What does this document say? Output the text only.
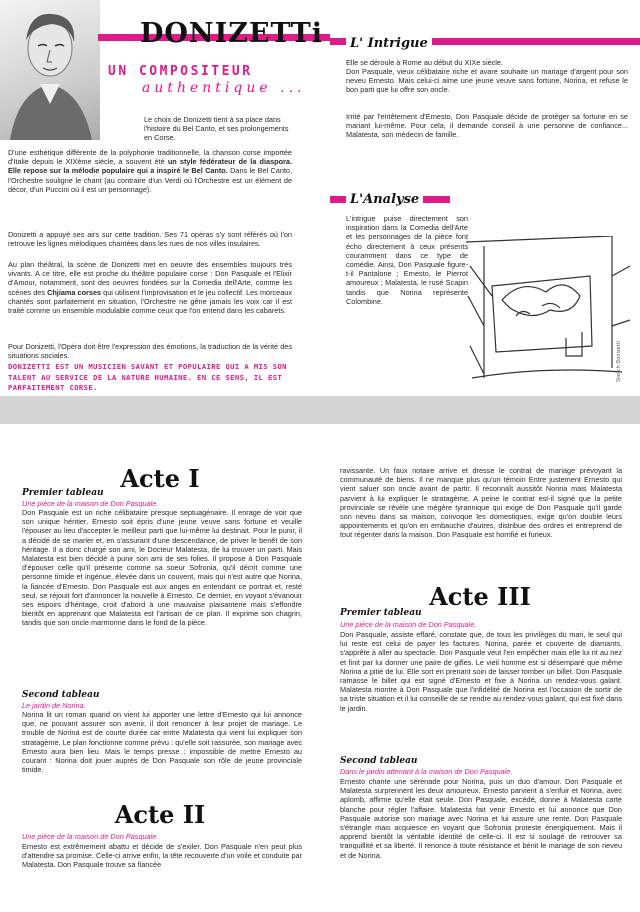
DONIZETTi
UN COMPOSITEUR
authentique ...

Le choix de Donizetti tient à sa place dans l'histoire du Bel Canto, et ses prolongements en Corse.

D'une esthétique différente de la polyphonie traditionnelle, la chanson corse importée d'Italie depuis le XIXème siècle, a souvent été un style fédérateur de la diaspora. Elle repose sur la mélodie populaire qui a inspiré le Bel Canto. Dans le Bel Canto, l'Orchestre souligne le chant (au contraire d'un Verdi où l'Orchestre est un élément de décor, d'un Puccini où il est un personnage).

Donizetti a appuyé ses airs sur cette tradition. Ses 71 opéras s'y sont référés où l'on retrouve les lignes mélodiques chantées dans les rues de nos villes insulaires.

Au plan théâtral, la scène de Donizetti met en oeuvre des ensembles toujours très vivants. A ce titre, elle est proche du théâtre populaire corse : Don Pasquale et l'Elixir d'Amour, notamment, sont des oeuvres fondées sur la Comedia dell'Arte, comme les scènes des Chjiama corses qui utilisent l'improvisation et le jeu collectif. Les morceaux chantés sont parfaitement en situation, l'Orchestre ne gêne jamais les voix car il est traité comme un ensemble modulable comme ceux que l'on entend dans les cabarets.

Pour Donizetti, l'Opéra doit être l'expression des émotions, la traduction de la vérité des situations sociales.

DONIZETTI EST UN MUSICIEN SAVANT ET POPULAIRE QUI A MIS SON TALENT AU SERVICE DE LA NATURE HUMAINE. EN CE SENS, IL EST PARFAITEMENT CORSE.

L' Intrigue

Elle se déroule à Rome au début du XIXe siècle.

Don Pasquale, vieux célibataire riche et avare souhaite un mariage d'argent pour son neveu Ernesto. Mais celui-ci aime une jeune veuve sans fortune, Norina, et refuse le bon parti que lui offre son oncle.

Irrité par l'entêtement d'Ernesto, Don Pasquale décide de protéger sa fortune en se mariant lui-même. Pour cela, il demande conseil à une personne de confiance... Malatesta, son médecin de famille.

L'Analyse

L'intrigue puise directement son inspiration dans la Comedia dell'Arte et les personnages de la pièce font écho directement à ceux présents couramment dans ce type de comédie. Ainsi, Don Pasquale figure-t-il Pantalone ; Ernesto, le Pierrot amoureux ; Malatesta, le rusé Scapin tandis que Norina représente Colombine.

Sketch Donizetti
Acte I
Premier tableau
Une pièce de la maison de Don Pasquale.

Don Pasquale est un riche célibataire presque septuagénaire. Il enrage de voir que son unique héritier, Ernesto soit épris d'une jeune veuve sans fortune et veuille l'épouser au lieu d'accepter le meilleur parti que lui-même lui destinait. Pour le punir, il a décidé de se marier et, en s'assurant d'une descendance, de priver le benêt de son héritage. Il a donc chargé son ami, le Docteur Malatesta, de lui trouver un parti. Mais Malatesta est bien décidé à punir son ami de ses folies. Il propose à Don Pasquale d'épouser celle qu'il présente comme sa soeur Sofronia, qu'il décrit comme une personne timide et ingénue, élevée dans un couvent, mais qui n'est autre que Norina, la fiancée d'Ernesto. Don Pasquale est aux anges en entendant ce portrait et, resté seul, se réjouit fort d'annoncer la nouvelle à Ernesto. Ce dernier, en voyant s'évanouir ses espoirs d'héritage, croit d'abord à une mauvaise plaisanterie mais s'effondre bientôt en apprenant que Malatesta est l'artisan de ce plan. Il exprime son chagrin, tandis que son oncle marmonne dans le fond de la pièce.

Second tableau
Le jardin de Norina.

Norina lit un roman quand on vient lui apporter une lettre d'Ernesto qui lui annonce que, ne pouvant assurer son avenir, il doit renoncer à leur projet de mariage. Le trouble de Norina est de courte durée car entre Malatesta qui vient lui expliquer son stratagème. Le plan fonctionne comme prévu : qu'elle soit rassurée, son mariage avec Ernesto aura bien lieu. Mais le temps presse : impossible de mettre Ernesto au courant : Norina doit jouer auprès de Don Pasquale son rôle de jeune provinciale timide.

Acte II
Une pièce de la maison de Don Pasquale.

Ernesto est extrêmement abattu et décide de s'exiler. Don Pasquale n'en peut plus d'attendre sa promise. Celle-ci arrive enfin, la tête recouverte d'un voile et conduite par Malatesta. Don Pasquale trouve sa fiancée

ravissante. Un faux notaire arrive et dresse le contrat de mariage prévoyant la communauté de biens. Il ne manque plus qu'un témoin Entre justement Ernesto qui vient saluer son oncle avant de partir. Il reconnaît aussitôt Norina mais Malatesta parvient à lui expliquer le stratagème. A peine le contrat est-il signé que la petite provinciale se révèle une mégère tyrannique qui exige de Don Pasquale qu'il garde son neveu dans sa maison, convoque les domestiques, exige qu'on double leurs appointements et qu'on en embauche d'autres, distribue des ordres et entreprend de tout régenter dans la maison. Don Pasquale est horrifié et furieux.

Acte III
Premier tableau
Une pièce de la maison de Don Pasquale.

Don Pasquale, assiste effaré, constate que, de tous les privilèges du mari, le seul qui lui reste est celui de payer les factures. Norina, parée et couverte de diamants, s'apprête à aller au spectacle. Don Pasquale veut l'en empêcher mais elle lui rit au nez et finit par lui donner une paire de gifles. Le vieil homme est si désemparé que même Norina a pitié de lui. Elle sort en prenant soin de laisser tomber un billet. Don Pasquale ramasse le billet qui est signé d'Ernesto et fixe à Norina un rendez-vous galant. Malatesta montre à Don Pasquale que l'infidélité de Norina est l'occasion de sortir de sa triste situation et il lui conseille de se rendre au rendez-vous galant, qui est fixé dans le jardin.

Second tableau
Dans le jardin attenant à la maison de Don Pasquale.

Ernesto chante une sérénade pour Norina, puis un duo d'amour. Don Pasquale et Malatesta surprennent les deux amoureux. Ernesto parvient à s'enfuir et Norina, avec aplomb, affirme qu'elle était seule. Don Pasquale, excédé, donne à Malatesta carte blanche pour régler l'affaire. Malatesta fait venir Ernesto et lui annonce que Don Pasquale autorise son mariage avec Norina et lui assure une rente. Don Pasquale s'étrangle mais acquiesce en voyant que Sofronia proteste énergiquement. Mais il apprend bientôt la véritable identité de celle-ci. Il est si soulagé de retrouver sa tranquillité et sa liberté. Il renonce à toute résistance et bénit le mariage de son neveu et de Norina.
